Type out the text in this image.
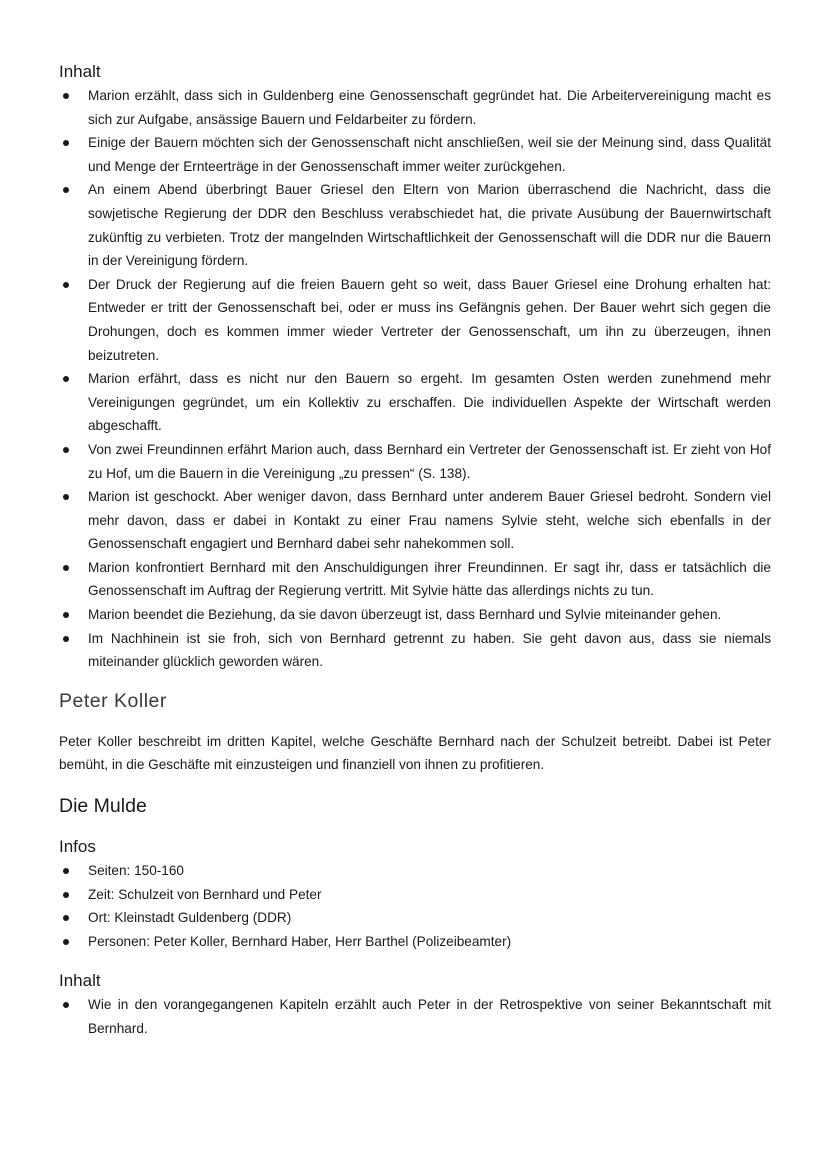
Inhalt
Marion erzählt, dass sich in Guldenberg eine Genossenschaft gegründet hat. Die Arbeitervereinigung macht es sich zur Aufgabe, ansässige Bauern und Feldarbeiter zu fördern.
Einige der Bauern möchten sich der Genossenschaft nicht anschließen, weil sie der Meinung sind, dass Qualität und Menge der Ernteerträge in der Genossenschaft immer weiter zurückgehen.
An einem Abend überbringt Bauer Griesel den Eltern von Marion überraschend die Nachricht, dass die sowjetische Regierung der DDR den Beschluss verabschiedet hat, die private Ausübung der Bauernwirtschaft zukünftig zu verbieten. Trotz der mangelnden Wirtschaftlichkeit der Genossenschaft will die DDR nur die Bauern in der Vereinigung fördern.
Der Druck der Regierung auf die freien Bauern geht so weit, dass Bauer Griesel eine Drohung erhalten hat: Entweder er tritt der Genossenschaft bei, oder er muss ins Gefängnis gehen. Der Bauer wehrt sich gegen die Drohungen, doch es kommen immer wieder Vertreter der Genossenschaft, um ihn zu überzeugen, ihnen beizutreten.
Marion erfährt, dass es nicht nur den Bauern so ergeht. Im gesamten Osten werden zunehmend mehr Vereinigungen gegründet, um ein Kollektiv zu erschaffen. Die individuellen Aspekte der Wirtschaft werden abgeschafft.
Von zwei Freundinnen erfährt Marion auch, dass Bernhard ein Vertreter der Genossenschaft ist. Er zieht von Hof zu Hof, um die Bauern in die Vereinigung „zu pressen“ (S. 138).
Marion ist geschockt. Aber weniger davon, dass Bernhard unter anderem Bauer Griesel bedroht. Sondern viel mehr davon, dass er dabei in Kontakt zu einer Frau namens Sylvie steht, welche sich ebenfalls in der Genossenschaft engagiert und Bernhard dabei sehr nahekommen soll.
Marion konfrontiert Bernhard mit den Anschuldigungen ihrer Freundinnen. Er sagt ihr, dass er tatsächlich die Genossenschaft im Auftrag der Regierung vertritt. Mit Sylvie hätte das allerdings nichts zu tun.
Marion beendet die Beziehung, da sie davon überzeugt ist, dass Bernhard und Sylvie miteinander gehen.
Im Nachhinein ist sie froh, sich von Bernhard getrennt zu haben. Sie geht davon aus, dass sie niemals miteinander glücklich geworden wären.
Peter Koller

Peter Koller beschreibt im dritten Kapitel, welche Geschäfte Bernhard nach der Schulzeit betreibt. Dabei ist Peter bemüht, in die Geschäfte mit einzusteigen und finanziell von ihnen zu profitieren.

Die Mulde
Infos
Seiten: 150-160
Zeit: Schulzeit von Bernhard und Peter
Ort: Kleinstadt Guldenberg (DDR)
Personen: Peter Koller, Bernhard Haber, Herr Barthel (Polizeibeamter)
Inhalt
Wie in den vorangegangenen Kapiteln erzählt auch Peter in der Retrospektive von seiner Bekanntschaft mit Bernhard.
